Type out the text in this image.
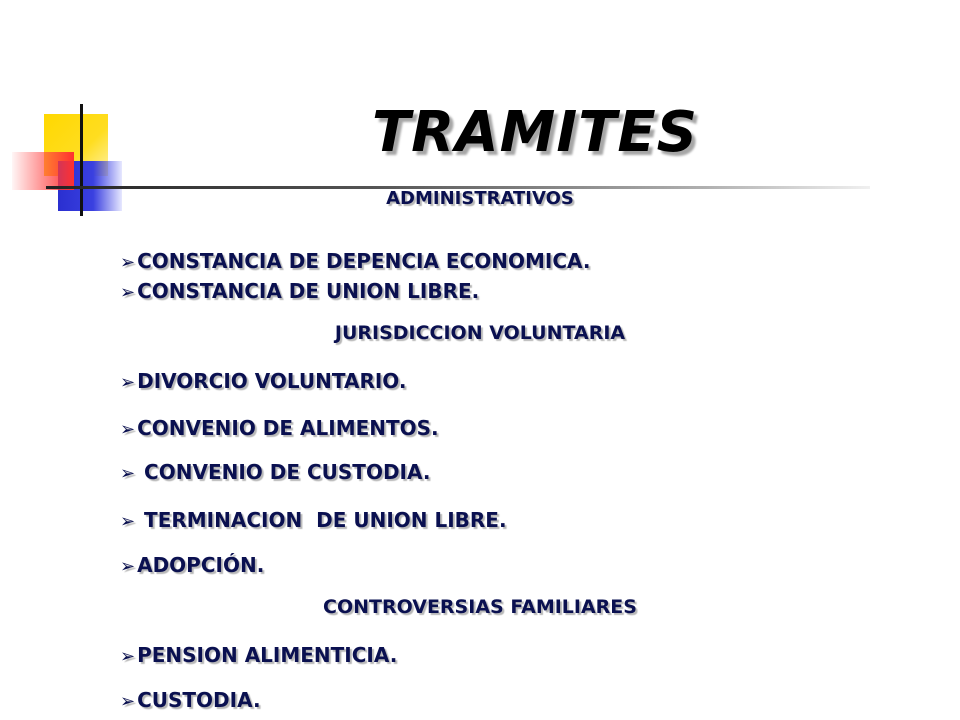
TRAMITES
ADMINISTRATIVOS
➢ CONSTANCIA DE DEPENCIA ECONOMICA.
➢ CONSTANCIA DE UNION LIBRE.
JURISDICCION VOLUNTARIA
➢ DIVORCIO VOLUNTARIO.
➢ CONVENIO DE ALIMENTOS.
➢ CONVENIO DE CUSTODIA.
➢ TERMINACION  DE UNION LIBRE.
➢ ADOPCIÓN.
CONTROVERSIAS FAMILIARES
➢ PENSION ALIMENTICIA.
➢ CUSTODIA.
